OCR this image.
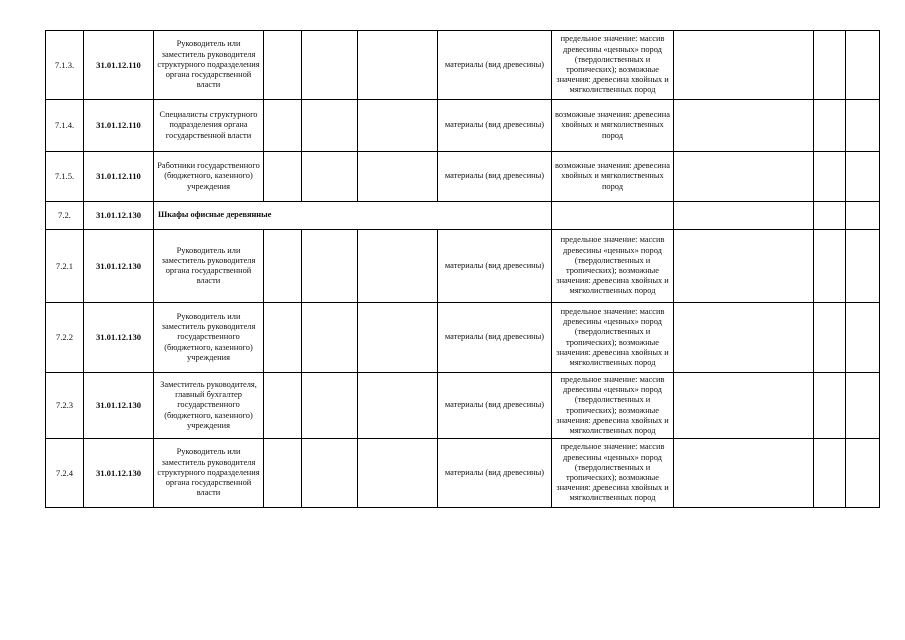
7.1.3.	31.01.12.110	Руководитель или заместитель руководителя структурного подразделения органа государственной власти				материалы (вид древесины)	предельное значение: массив древесины «ценных» пород (твердолиственных и тропических); возможные значения: древесина хвойных и мягколиственных пород			
7.1.4.	31.01.12.110	Специалисты структурного подразделения органа государственной власти				материалы (вид древесины)	возможные значения: древесина хвойных и мягколиственных пород			
7.1.5.	31.01.12.110	Работники государственного (бюджетного, казенного) учреждения				материалы (вид древесины)	возможные значения: древесина хвойных и мягколиственных пород			
7.2.	31.01.12.130	Шкафы офисные деревянные								
7.2.1	31.01.12.130	Руководитель или заместитель руководителя органа государственной власти				материалы (вид древесины)	предельное значение: массив древесины «ценных» пород (твердолиственных и тропических); возможные значения: древесина хвойных и мягколиственных пород			
7.2.2	31.01.12.130	Руководитель или заместитель руководителя государственного (бюджетного, казенного) учреждения				материалы (вид древесины)	предельное значение: массив древесины «ценных» пород (твердолиственных и тропических); возможные значения: древесина хвойных и мягколиственных пород			
7.2.3	31.01.12.130	Заместитель руководителя, главный бухгалтер государственного (бюджетного, казенного) учреждения				материалы (вид древесины)	предельное значение: массив древесины «ценных» пород (твердолиственных и тропических); возможные значения: древесина хвойных и мягколиственных пород			
7.2.4	31.01.12.130	Руководитель или заместитель руководителя структурного подразделения органа государственной власти				материалы (вид древесины)	предельное значение: массив древесины «ценных» пород (твердолиственных и тропических); возможные значения: древесина хвойных и мягколиственных пород			
